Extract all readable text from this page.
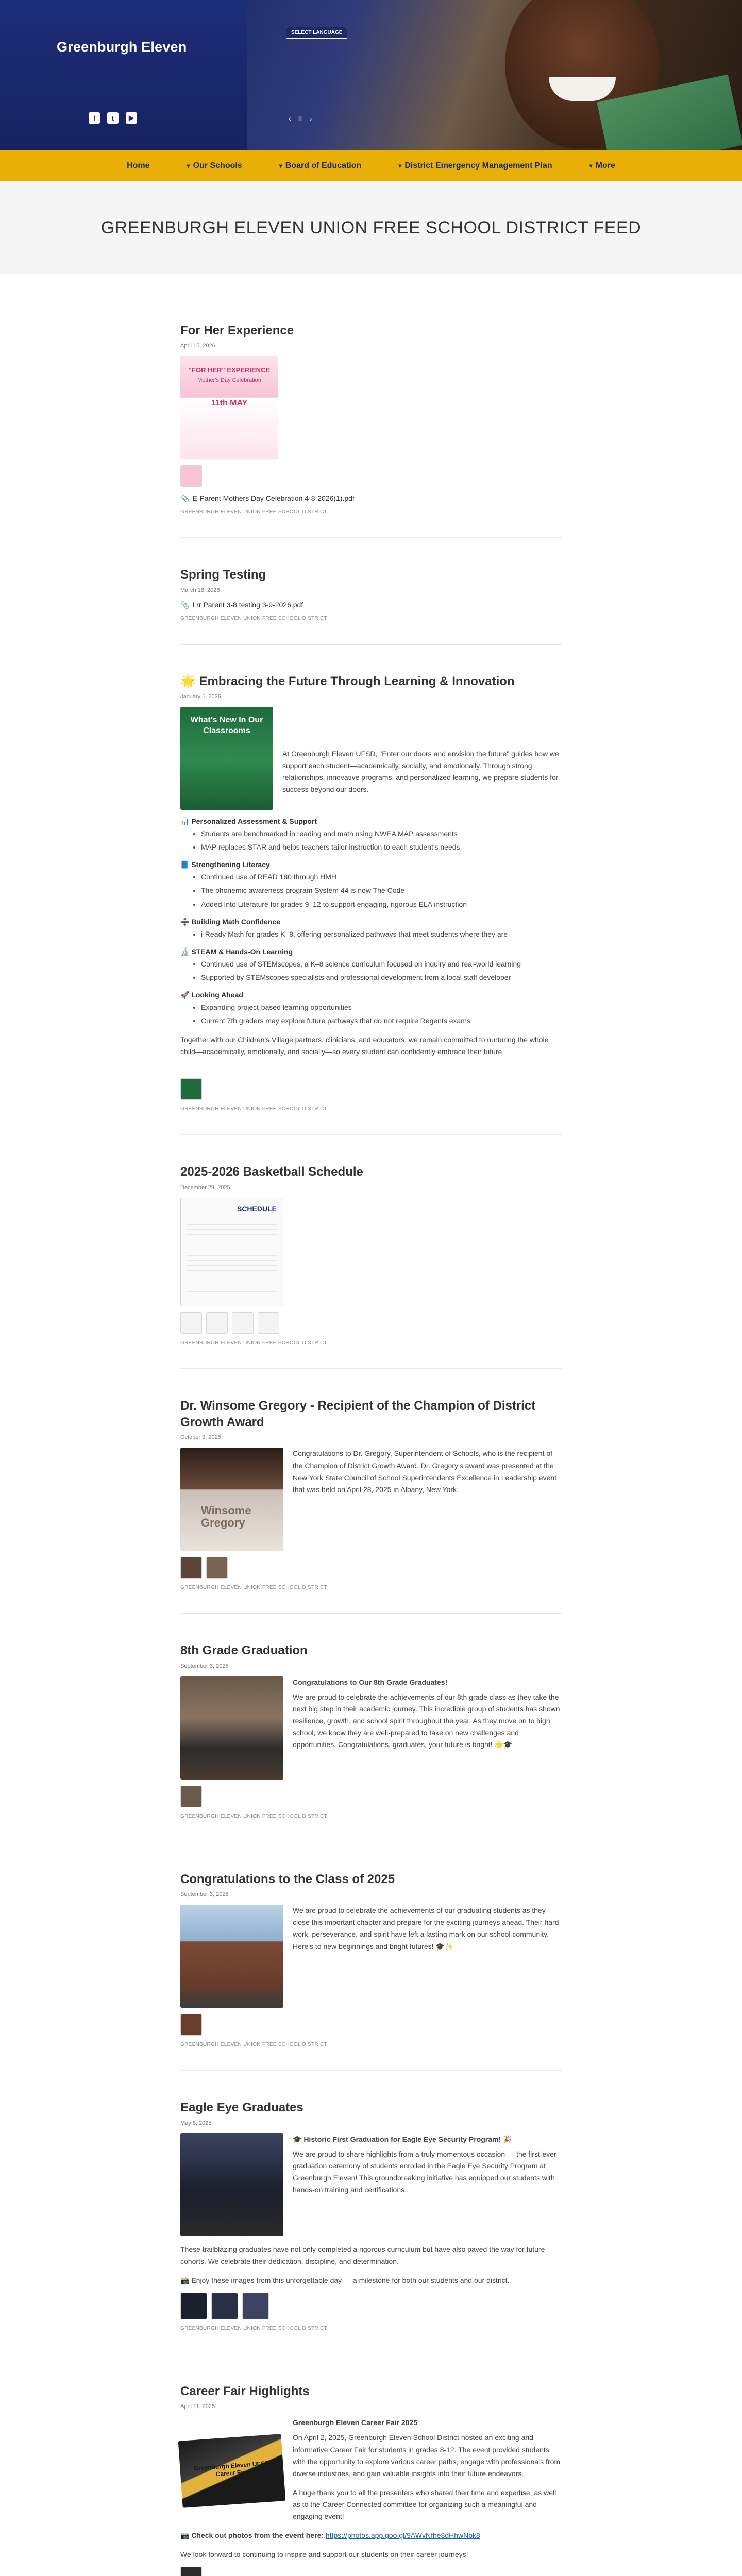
Greenburgh Eleven
f	t	▶
SELECT LANGUAGE
‹ II ›
Home	▾ Our Schools	▾ Board of Education	▾ District Emergency Management Plan	▾ More
GREENBURGH ELEVEN UNION FREE SCHOOL DISTRICT FEED
For Her Experience
April 15, 2026
"FOR HER" EXPERIENCE
Mother's Day Celebration
11th MAY
📎 E-Parent Mothers Day Celebration 4-8-2026(1).pdf
GREENBURGH ELEVEN UNION FREE SCHOOL DISTRICT
Spring Testing
March 18, 2026
📎 Lrr Parent 3-8 testing 3-9-2026.pdf
GREENBURGH ELEVEN UNION FREE SCHOOL DISTRICT
🌟 Embracing the Future Through Learning & Innovation
January 5, 2026
What's New In Our Classrooms

At Greenburgh Eleven UFSD, "Enter our doors and envision the future" guides how we support each student—academically, socially, and emotionally. Through strong relationships, innovative programs, and personalized learning, we prepare students for success beyond our doors.

📊 Personalized Assessment & Support
• Students are benchmarked in reading and math using NWEA MAP assessments
• MAP replaces STAR and helps teachers tailor instruction to each student's needs
📘 Strengthening Literacy
• Continued use of READ 180 through HMH
• The phonemic awareness program System 44 is now The Code
• Added Into Literature for grades 9–12 to support engaging, rigorous ELA instruction
➗ Building Math Confidence
• i-Ready Math for grades K–8, offering personalized pathways that meet students where they are
🔬 STEAM & Hands-On Learning
• Continued use of STEMscopes, a K–8 science curriculum focused on inquiry and real-world learning
• Supported by STEMscopes specialists and professional development from a local staff developer
🚀 Looking Ahead
• Expanding project-based learning opportunities
• Current 7th graders may explore future pathways that do not require Regents exams

Together with our Children's Village partners, clinicians, and educators, we remain committed to nurturing the whole child—academically, emotionally, and socially—so every student can confidently embrace their future.

GREENBURGH ELEVEN UNION FREE SCHOOL DISTRICT
2025-2026 Basketball Schedule
December 29, 2025
SCHEDULE
GREENBURGH ELEVEN UNION FREE SCHOOL DISTRICT
Dr. Winsome Gregory - Recipient of the Champion of District Growth Award
October 9, 2025
Winsome Gregory

Congratulations to Dr. Gregory, Superintendent of Schools, who is the recipient of the Champion of District Growth Award. Dr. Gregory's award was presented at the New York State Council of School Superintendents Excellence in Leadership event that was held on April 28, 2025 in Albany, New York.

GREENBURGH ELEVEN UNION FREE SCHOOL DISTRICT
8th Grade Graduation
September 3, 2025

Congratulations to Our 8th Grade Graduates!

We are proud to celebrate the achievements of our 8th grade class as they take the next big step in their academic journey. This incredible group of students has shown resilience, growth, and school spirit throughout the year. As they move on to high school, we know they are well-prepared to take on new challenges and opportunities. Congratulations, graduates, your future is bright! 🌟🎓

GREENBURGH ELEVEN UNION FREE SCHOOL DISTRICT
Congratulations to the Class of 2025
September 3, 2025

We are proud to celebrate the achievements of our graduating students as they close this important chapter and prepare for the exciting journeys ahead. Their hard work, perseverance, and spirit have left a lasting mark on our school community. Here's to new beginnings and bright futures! 🎓✨

GREENBURGH ELEVEN UNION FREE SCHOOL DISTRICT
Eagle Eye Graduates
May 8, 2025

🎓 Historic First Graduation for Eagle Eye Security Program! 🎉

We are proud to share highlights from a truly momentous occasion — the first-ever graduation ceremony of students enrolled in the Eagle Eye Security Program at Greenburgh Eleven! This groundbreaking initiative has equipped our students with hands-on training and certifications.

These trailblazing graduates have not only completed a rigorous curriculum but have also paved the way for future cohorts. We celebrate their dedication, discipline, and determination.

📸 Enjoy these images from this unforgettable day — a milestone for both our students and our district.

GREENBURGH ELEVEN UNION FREE SCHOOL DISTRICT
Career Fair Highlights
April 11, 2025
Greenburgh Eleven UFSD Career Fair

Greenburgh Eleven Career Fair 2025

On April 2, 2025, Greenburgh Eleven School District hosted an exciting and informative Career Fair for students in grades 8-12. The event provided students with the opportunity to explore various career paths, engage with professionals from diverse industries, and gain valuable insights into their future endeavors.

A huge thank you to all the presenters who shared their time and expertise, as well as to the Career Connected committee for organizing such a meaningful and engaging event!

📷 Check out photos from the event here: https://photos.app.goo.gl/9AWvNfhe8dHhwNbk8

We look forward to continuing to inspire and support our students on their career journeys!
